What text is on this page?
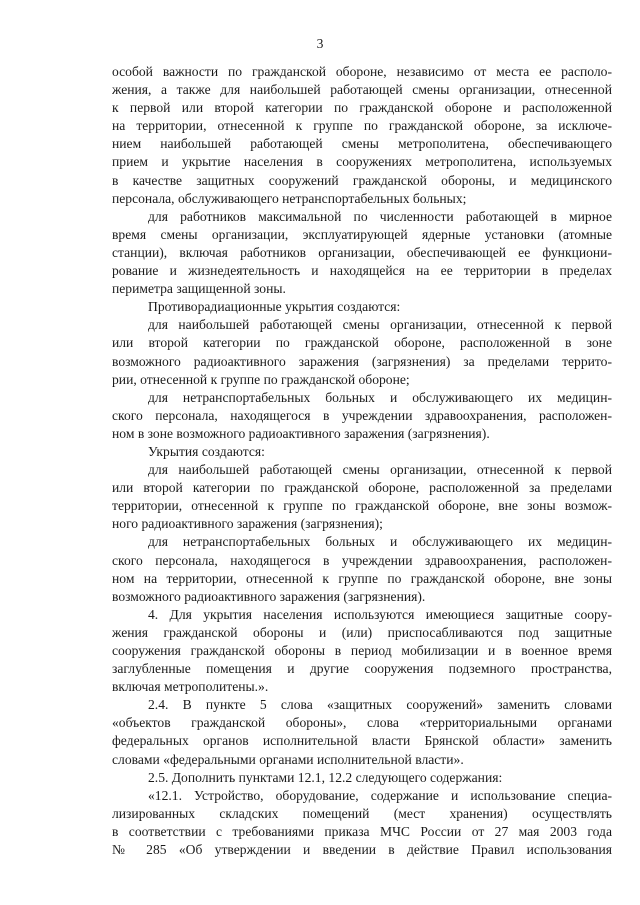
3
особой важности по гражданской обороне, независимо от места ее располо-
жения, а также для наибольшей работающей смены организации, отнесенной
к первой или второй категории по гражданской обороне и расположенной
на территории, отнесенной к группе по гражданской обороне, за исключе-
нием наибольшей работающей смены метрополитена, обеспечивающего
прием и укрытие населения в сооружениях метрополитена, используемых
в качестве защитных сооружений гражданской обороны, и медицинского
персонала, обслуживающего нетранспортабельных больных;
для работников максимальной по численности работающей в мирное
время смены организации, эксплуатирующей ядерные установки (атомные
станции), включая работников организации, обеспечивающей ее функциони-
рование и жизнедеятельность и находящейся на ее территории в пределах
периметра защищенной зоны.
Противорадиационные укрытия создаются:
для наибольшей работающей смены организации, отнесенной к первой
или второй категории по гражданской обороне, расположенной в зоне
возможного радиоактивного заражения (загрязнения) за пределами террито-
рии, отнесенной к группе по гражданской обороне;
для нетранспортабельных больных и обслуживающего их медицин-
ского персонала, находящегося в учреждении здравоохранения, расположен-
ном в зоне возможного радиоактивного заражения (загрязнения).
Укрытия создаются:
для наибольшей работающей смены организации, отнесенной к первой
или второй категории по гражданской обороне, расположенной за пределами
территории, отнесенной к группе по гражданской обороне, вне зоны возмож-
ного радиоактивного заражения (загрязнения);
для нетранспортабельных больных и обслуживающего их медицин-
ского персонала, находящегося в учреждении здравоохранения, расположен-
ном на территории, отнесенной к группе по гражданской обороне, вне зоны
возможного радиоактивного заражения (загрязнения).
4. Для укрытия населения используются имеющиеся защитные соору-
жения гражданской обороны и (или) приспосабливаются под защитные
сооружения гражданской обороны в период мобилизации и в военное время
заглубленные помещения и другие сооружения подземного пространства,
включая метрополитены.».
2.4. В пункте 5 слова «защитных сооружений» заменить словами
«объектов гражданской обороны», слова «территориальными органами
федеральных органов исполнительной власти Брянской области» заменить
словами «федеральными органами исполнительной власти».
2.5. Дополнить пунктами 12.1, 12.2 следующего содержания:
«12.1. Устройство, оборудование, содержание и использование специа-
лизированных складских помещений (мест хранения) осуществлять
в соответствии с требованиями приказа МЧС России от 27 мая 2003 года
№ 285 «Об утверждении и введении в действие Правил использования
